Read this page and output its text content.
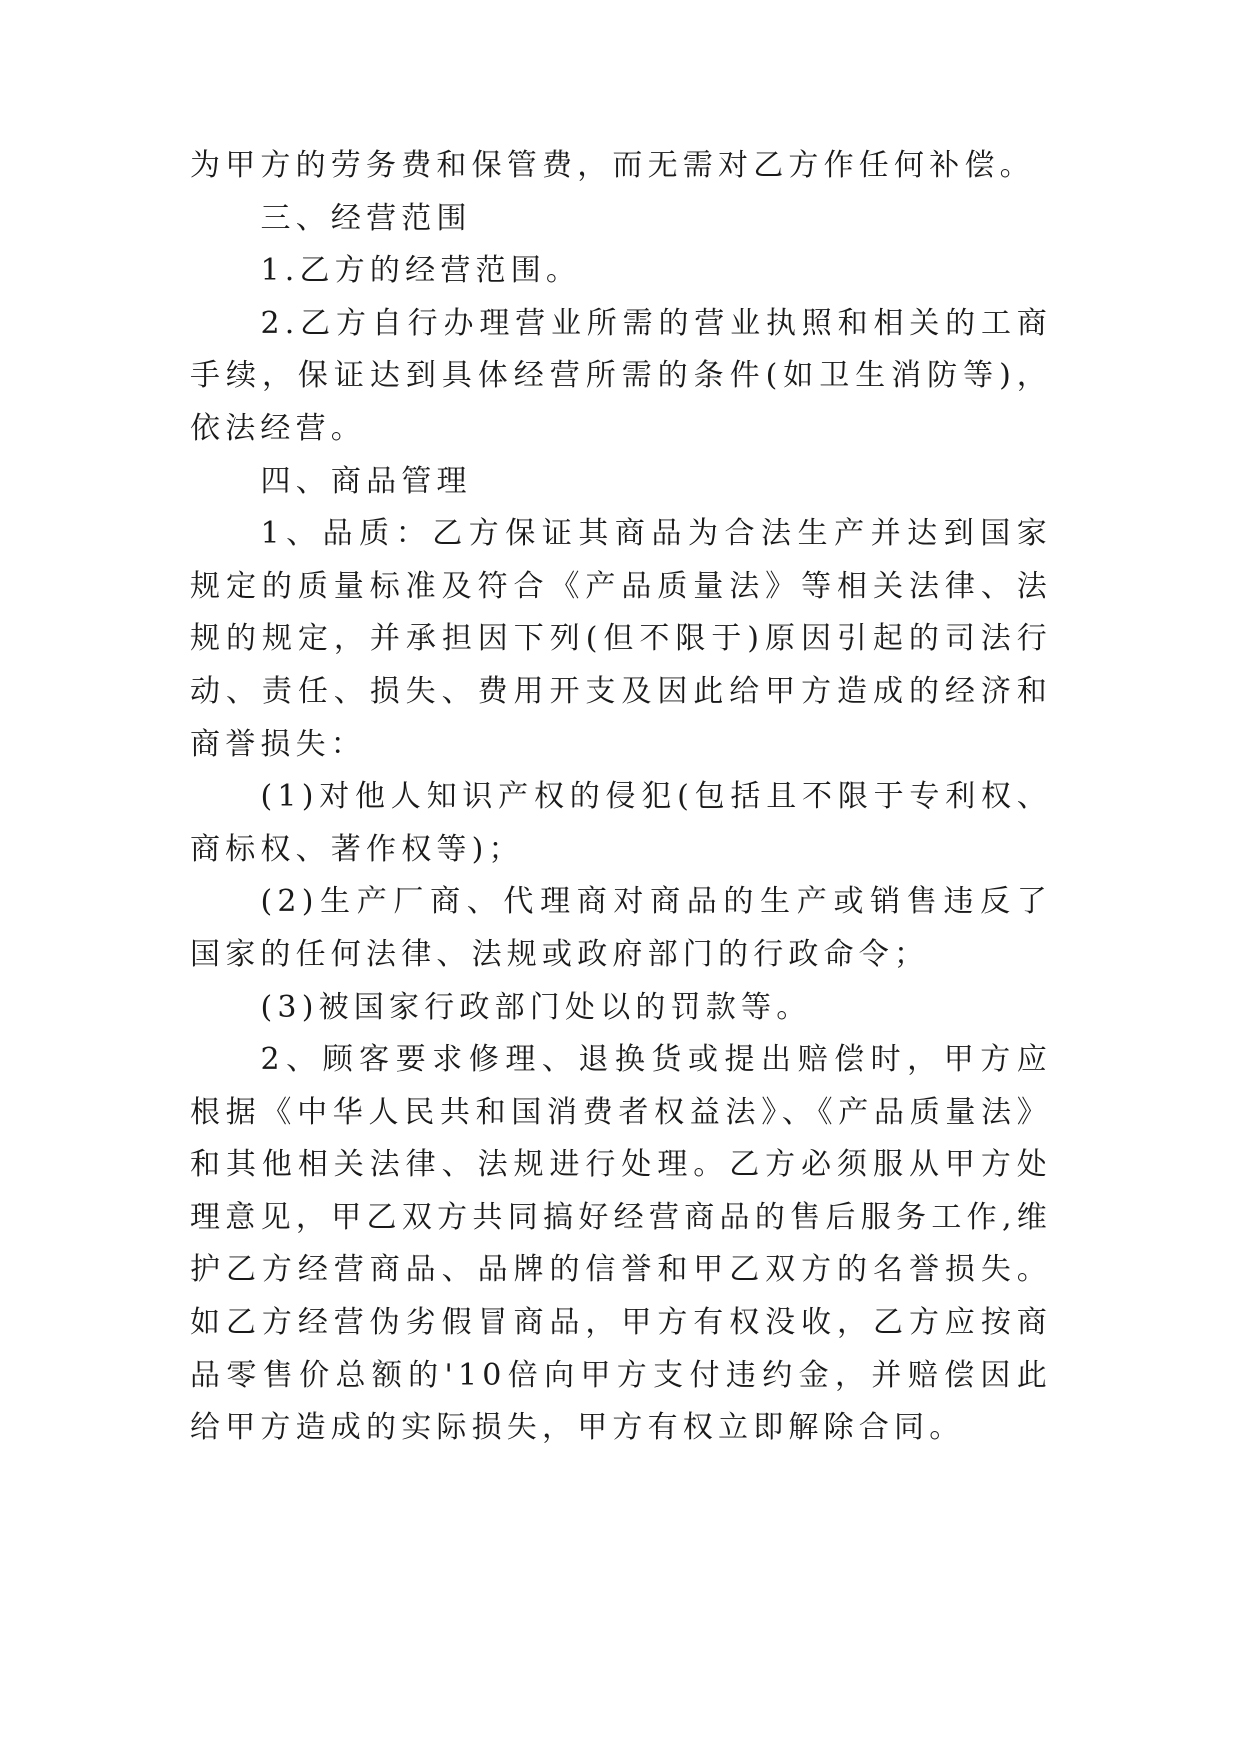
为甲方的劳务费和保管费，而无需对乙方作任何补偿。

三、经营范围

1.乙方的经营范围。

2.乙方自行办理营业所需的营业执照和相关的工商手续，保证达到具体经营所需的条件(如卫生消防等)，依法经营。

四、商品管理

1、品质：乙方保证其商品为合法生产并达到国家规定的质量标准及符合《产品质量法》等相关法律、法规的规定，并承担因下列(但不限于)原因引起的司法行动、责任、损失、费用开支及因此给甲方造成的经济和商誉损失：

(1)对他人知识产权的侵犯(包括且不限于专利权、商标权、著作权等)；

(2)生产厂商、代理商对商品的生产或销售违反了国家的任何法律、法规或政府部门的行政命令；

(3)被国家行政部门处以的罚款等。

2、顾客要求修理、退换货或提出赔偿时，甲方应根据《中华人民共和国消费者权益法》、《产品质量法》和其他相关法律、法规进行处理。乙方必须服从甲方处理意见，甲乙双方共同搞好经营商品的售后服务工作,维护乙方经营商品、品牌的信誉和甲乙双方的名誉损失。如乙方经营伪劣假冒商品，甲方有权没收，乙方应按商品零售价总额的'10倍向甲方支付违约金，并赔偿因此给甲方造成的实际损失，甲方有权立即解除合同。
